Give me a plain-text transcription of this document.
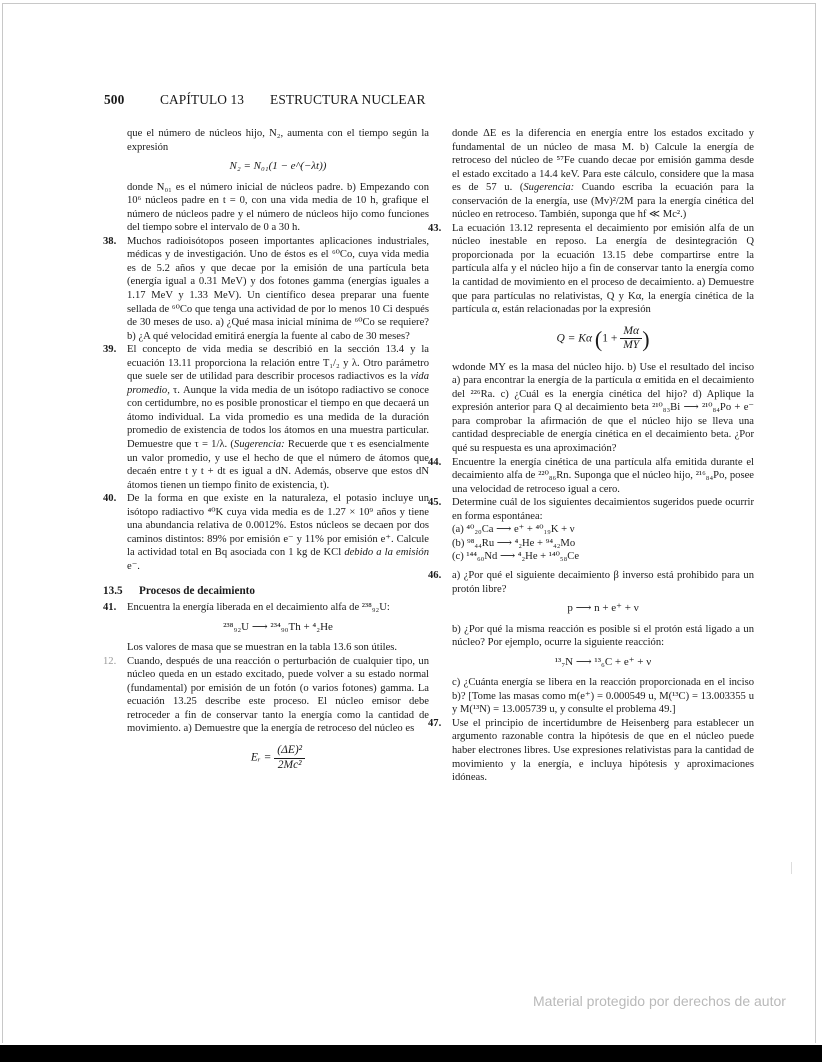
500	CAPÍTULO 13 ESTRUCTURA NUCLEAR

que el número de núcleos hijo, N₂, aumenta con el tiempo según la expresión

N₂ = N₀₁(1 − e^(−λt))

donde N₀₁ es el número inicial de núcleos padre. b) Empezando con 10⁶ núcleos padre en t = 0, con una vida media de 10 h, grafique el número de núcleos padre y el número de núcleos hijo como funciones del tiempo sobre el intervalo de 0 a 30 h.

38. Muchos radioisótopos poseen importantes aplicaciones industriales, médicas y de investigación. Uno de éstos es el ⁶⁰Co, cuya vida media es de 5.2 años y que decae por la emisión de una partícula beta (energía igual a 0.31 MeV) y dos fotones gamma (energías iguales a 1.17 MeV y 1.33 MeV). Un científico desea preparar una fuente sellada de ⁶⁰Co que tenga una actividad de por lo menos 10 Ci después de 30 meses de uso. a) ¿Qué masa inicial mínima de ⁶⁰Co se requiere? b) ¿A qué velocidad emitirá energía la fuente al cabo de 30 meses?

39. El concepto de vida media se describió en la sección 13.4 y la ecuación 13.11 proporciona la relación entre T₁/₂ y λ. Otro parámetro que suele ser de utilidad para describir procesos radiactivos es la vida promedio, τ. Aunque la vida media de un isótopo radiactivo se conoce con certidumbre, no es posible pronosticar el tiempo en que decaerá un átomo individual. La vida promedio es una medida de la duración promedio de existencia de todos los átomos en una muestra particular. Demuestre que τ = 1/λ. (Sugerencia: Recuerde que τ es esencialmente un valor promedio, y use el hecho de que el número de átomos que decaén entre t y t + dt es igual a dN. Además, observe que estos dN átomos tienen un tiempo finito de existencia, t).

40. De la forma en que existe en la naturaleza, el potasio incluye un isótopo radiactivo ⁴⁰K cuya vida media es de 1.27 × 10⁹ años y tiene una abundancia relativa de 0.0012%. Estos núcleos se decaen por dos caminos distintos: 89% por emisión e⁻ y 11% por emisión e⁺. Calcule la actividad total en Bq asociada con 1 kg de KCl debido a la emisión e⁻.

13.5 Procesos de decaimiento
41. Encuentra la energía liberada en el decaimiento alfa de ²³⁸₉₂U:

²³⁸₉₂U ⟶ ²³⁴₉₀Th + ⁴₂He

Los valores de masa que se muestran en la tabla 13.6 son útiles.

12. Cuando, después de una reacción o perturbación de cualquier tipo, un núcleo queda en un estado excitado, puede volver a su estado normal (fundamental) por emisión de un fotón (o varios fotones) gamma. La ecuación 13.25 describe este proceso. El núcleo emisor debe retroceder a fin de conservar tanto la energía como la cantidad de movimiento. a) Demuestre que la energía de retroceso del núcleo es

Eᵣ = $\frac{\text{(ΔE)²}}{\text{2Mc²}}$

donde ΔE es la diferencia en energía entre los estados excitado y fundamental de un núcleo de masa M. b) Calcule la energía de retroceso del núcleo de ⁵⁷Fe cuando decae por emisión gamma desde el estado excitado a 14.4 keV. Para este cálculo, considere que la masa es de 57 u. (Sugerencia: Cuando escriba la ecuación para la conservación de la energía, use (Mv)²/2M para la energía cinética del núcleo en retroceso. También, suponga que hf ≪ Mc².)

43. La ecuación 13.12 representa el decaimiento por emisión alfa de un núcleo inestable en reposo. La energía de desintegración Q proporcionada por la ecuación 13.15 debe compartirse entre la partícula alfa y el núcleo hijo a fin de conservar tanto la energía como la cantidad de movimiento en el proceso de decaimiento. a) Demuestre que para partículas no relativistas, Q y Kα, la energía cinética de la partícula α, están relacionadas por la expresión

Q = Kα ($1 + \frac{M\alpha}{MY}$ )

wdonde MY es la masa del núcleo hijo. b) Use el resultado del inciso a) para encontrar la energía de la partícula α emitida en el decaimiento del ²²⁶Ra. c) ¿Cuál es la energía cinética del hijo? d) Aplique la expresión anterior para Q al decaimiento beta ²¹⁰₈₃Bi ⟶ ²¹⁰₈₄Po + e⁻ para comprobar la afirmación de que el núcleo hijo se lleva una cantidad despreciable de energía cinética en el decaimiento beta. ¿Por qué su respuesta es una aproximación?

44. Encuentre la energía cinética de una partícula alfa emitida durante el decaimiento alfa de ²²⁰₈₆Rn. Suponga que el núcleo hijo, ²¹⁶₈₄Po, posee una velocidad de retroceso igual a cero.

45. Determine cuál de los siguientes decaimientos sugeridos puede ocurrir en forma espontánea:

(a) ⁴⁰₂₀Ca ⟶ e⁺ + ⁴⁰₁₉K + ν

(b) ⁹⁸₄₄Ru ⟶ ⁴₂He + ⁹⁴₄₂Mo

(c) ¹⁴⁴₆₀Nd ⟶ ⁴₂He + ¹⁴⁰₅₈Ce

46. a) ¿Por qué el siguiente decaimiento β inverso está prohibido para un protón libre?

p ⟶ n + e⁺ + ν

b) ¿Por qué la misma reacción es posible si el protón está ligado a un núcleo? Por ejemplo, ocurre la siguiente reacción:

¹³₇N ⟶ ¹³₆C + e⁺ + ν

c) ¿Cuánta energía se libera en la reacción proporcionada en el inciso b)? [Tome las masas como m(e⁺) = 0.000549 u, M(¹³C) = 13.003355 u y M(¹³N) = 13.005739 u, y consulte el problema 49.]

47. Use el principio de incertidumbre de Heisenberg para establecer un argumento razonable contra la hipótesis de que en el núcleo puede haber electrones libres. Use expresiones relativistas para la cantidad de movimiento y la energía, e incluya hipótesis y aproximaciones idóneas.

Material protegido por derechos de autor
